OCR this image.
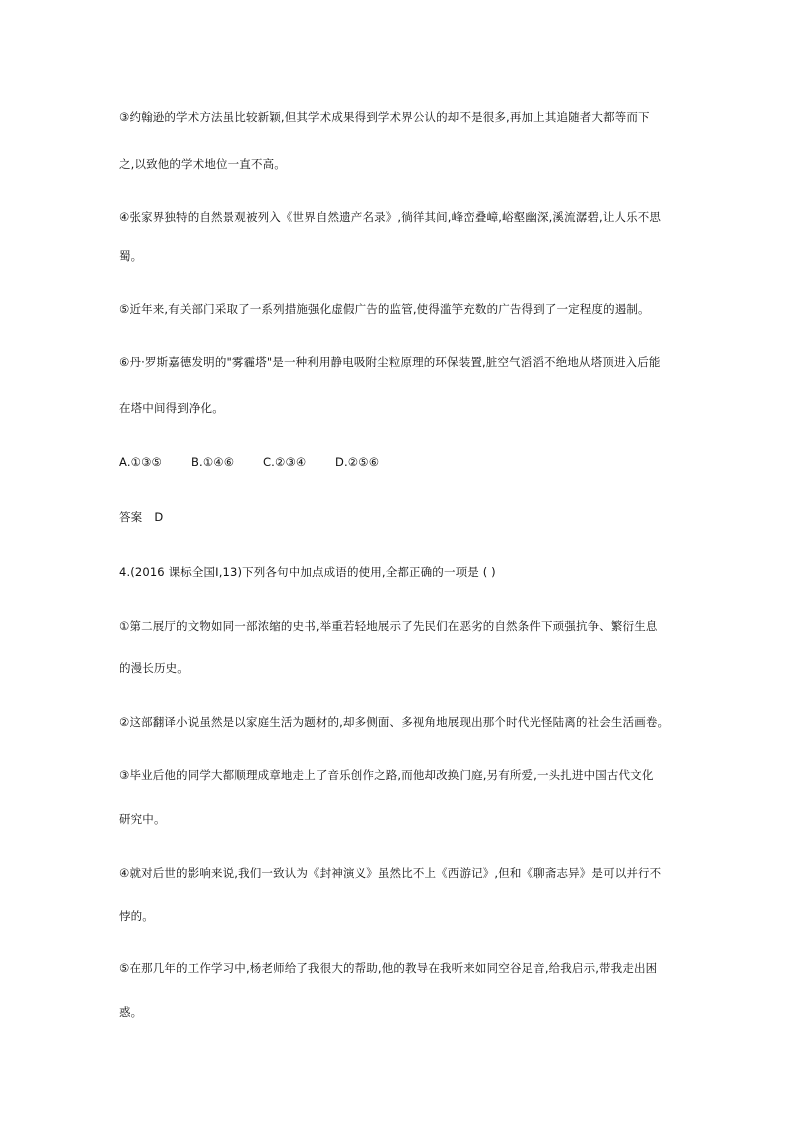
③约翰逊的学术方法虽比较新颖,但其学术成果得到学术界公认的却不是很多,再加上其追随者大都等而下
之,以致他的学术地位一直不高。
④张家界独特的自然景观被列入《世界自然遗产名录》,徜徉其间,峰峦叠嶂,峪壑幽深,溪流潺碧,让人乐不思
蜀。
⑤近年来,有关部门采取了一系列措施强化虚假广告的监管,使得滥竽充数的广告得到了一定程度的遏制。
⑥丹·罗斯嘉德发明的"雾霾塔"是一种利用静电吸附尘粒原理的环保装置,脏空气滔滔不绝地从塔顶进入后能
在塔中间得到净化。
A.①③⑤	B.①④⑥	C.②③④ D.②⑤⑥
答案 D
4.(2016 课标全国Ⅰ,13)下列各句中加点成语的使用,全都正确的一项是 ( )
①第二展厅的文物如同一部浓缩的史书,举重若轻地展示了先民们在恶劣的自然条件下顽强抗争、繁衍生息
的漫长历史。
②这部翻译小说虽然是以家庭生活为题材的,却多侧面、多视角地展现出那个时代光怪陆离的社会生活画卷。
③毕业后他的同学大都顺理成章地走上了音乐创作之路,而他却改换门庭,另有所爱,一头扎进中国古代文化
研究中。
④就对后世的影响来说,我们一致认为《封神演义》虽然比不上《西游记》,但和《聊斋志异》是可以并行不
悖的。
⑤在那几年的工作学习中,杨老师给了我很大的帮助,他的教导在我听来如同空谷足音,给我启示,带我走出困
惑。
